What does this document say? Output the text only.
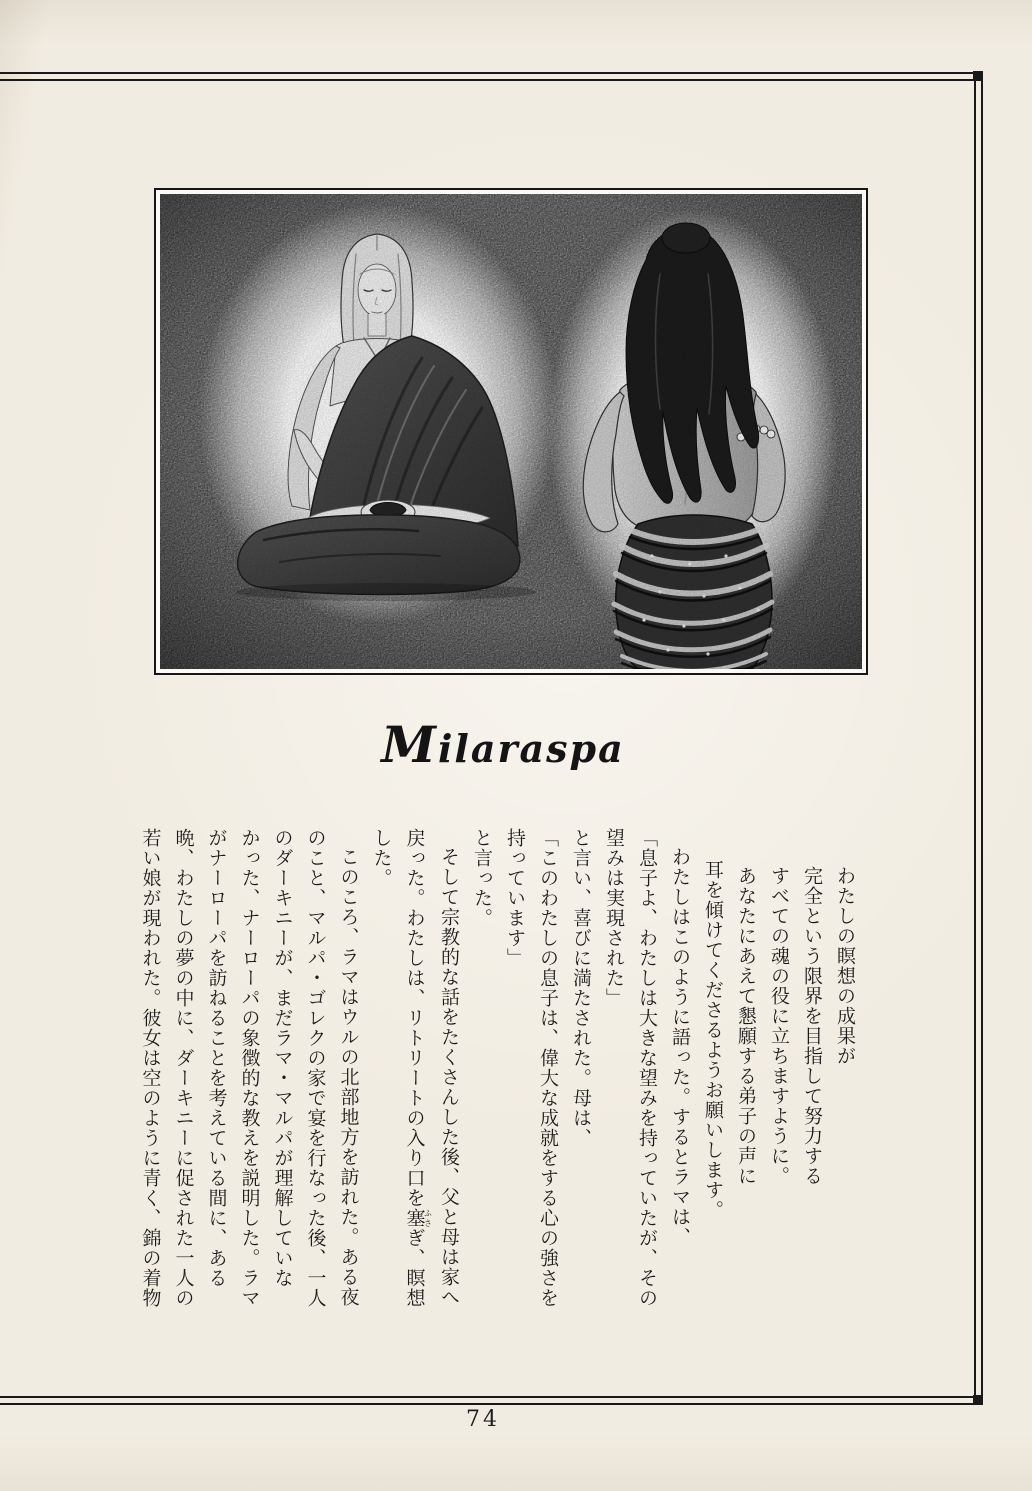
Milaraspa
わたしの瞑想の成果が
完全という限界を目指して努力する
すべての魂の役に立ちますように。
あなたにあえて懇願する弟子の声に
耳を傾けてくださるようお願いします。
わたしはこのように語った。するとラマは、
「息子よ、わたしは大きな望みを持っていたが、その
望みは実現された」
と言い、喜びに満たされた。母は、
「このわたしの息子は、偉大な成就をする心の強さを
持っています」
と言った。
そして宗教的な話をたくさんした後、父と母は家へ
戻った。わたしは、リトリートの入り口を塞 ふさぎ、瞑想
した。
このころ、ラマはウルの北部地方を訪れた。ある夜
のこと、マルパ・ゴレクの家で宴を行なった後、一人
のダーキニーが、まだラマ・マルパが理解していな
かった、ナーローパの象徴的な教えを説明した。ラマ
がナーローパを訪ねることを考えている間に、ある
晩、わたしの夢の中に、ダーキニーに促された一人の
若い娘が現われた。彼女は空のように青く、錦の着物
74
